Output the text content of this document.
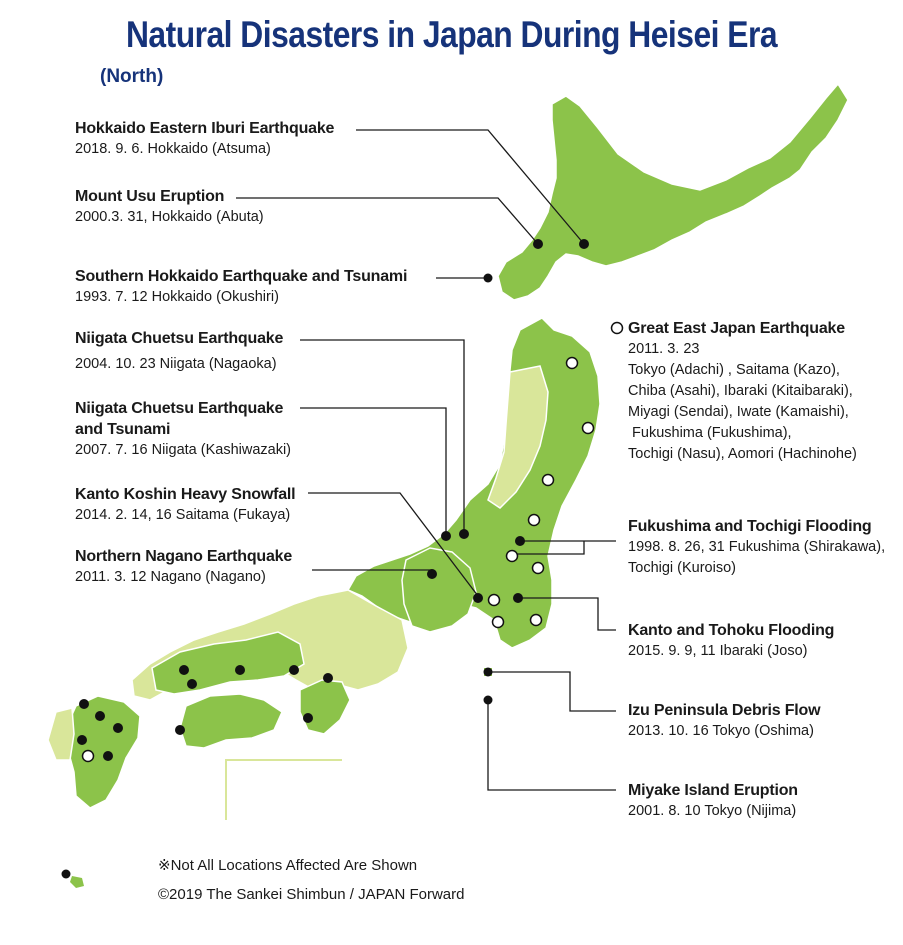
Natural Disasters in Japan During Heisei Era
(North)
Hokkaido Eastern Iburi Earthquake
2018. 9. 6. Hokkaido (Atsuma)
Mount Usu Eruption
2000.3. 31, Hokkaido (Abuta)
Southern Hokkaido Earthquake and Tsunami
1993. 7. 12 Hokkaido (Okushiri)
Niigata Chuetsu Earthquake
2004. 10. 23 Niigata (Nagaoka)
Niigata Chuetsu Earthquake
and Tsunami
2007. 7. 16 Niigata (Kashiwazaki)
Kanto Koshin Heavy Snowfall
2014. 2. 14, 16 Saitama (Fukaya)
Northern Nagano Earthquake
2011. 3. 12 Nagano (Nagano)
Great East Japan Earthquake
2011. 3. 23
Tokyo (Adachi) , Saitama (Kazo),
Chiba (Asahi), Ibaraki (Kitaibaraki),
Miyagi (Sendai), Iwate (Kamaishi),
Fukushima (Fukushima),
Tochigi (Nasu), Aomori (Hachinohe)
Fukushima and Tochigi Flooding
1998. 8. 26, 31 Fukushima (Shirakawa),
Tochigi (Kuroiso)
Kanto and Tohoku Flooding
2015. 9. 9, 11 Ibaraki (Joso)
Izu Peninsula Debris Flow
2013. 10. 16 Tokyo (Oshima)
Miyake Island Eruption
2001. 8. 10 Tokyo (Nijima)
※Not All Locations Affected Are Shown
©2019 The Sankei Shimbun / JAPAN Forward
